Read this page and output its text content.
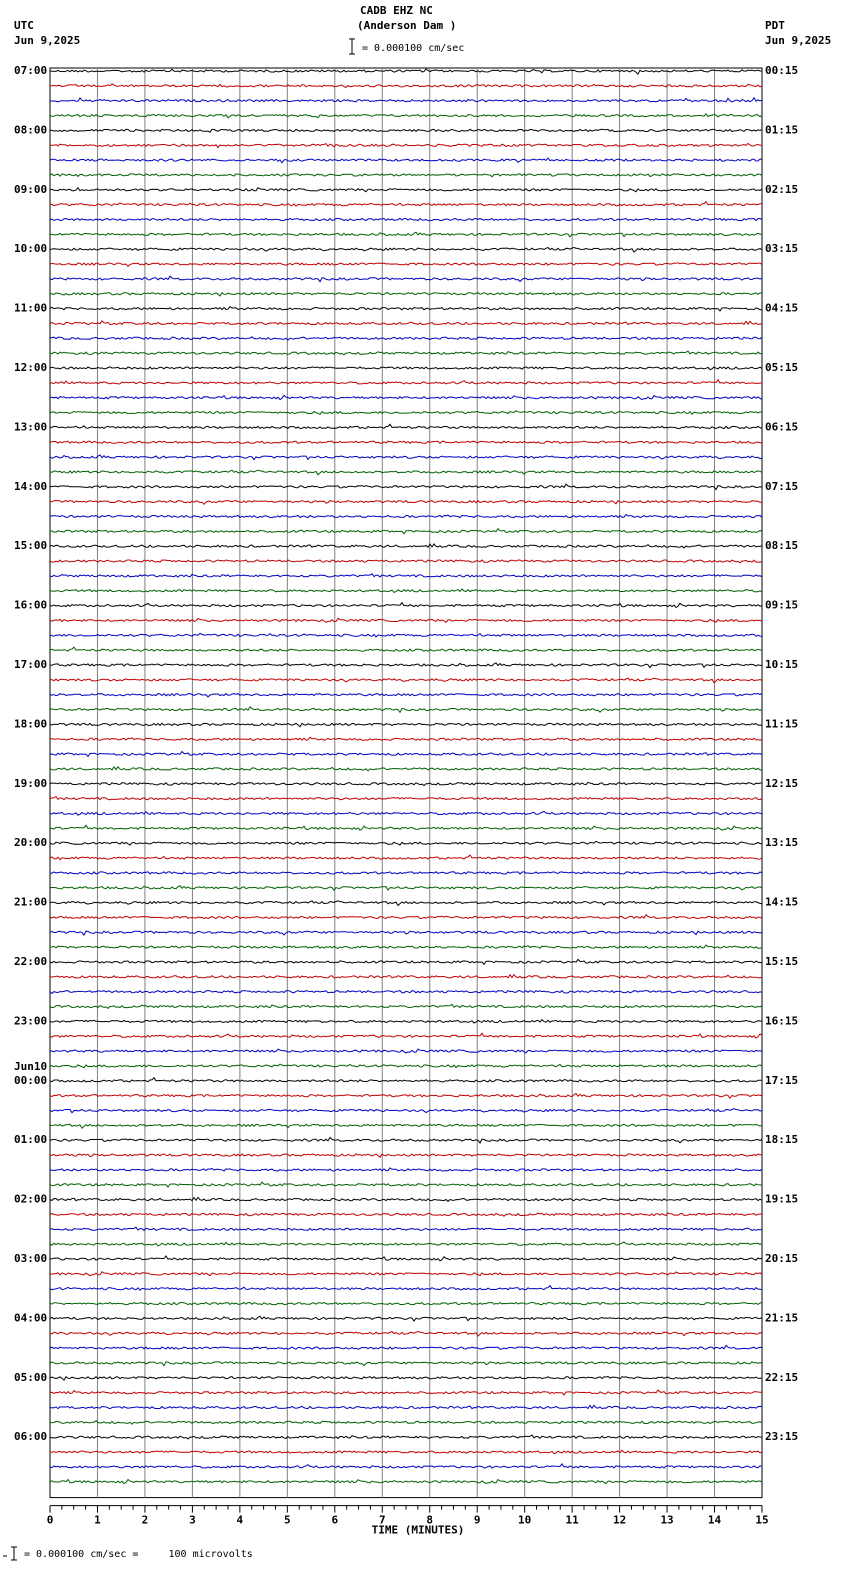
CADB EHZ NC
(Anderson Dam )
UTC
Jun 9,2025
PDT
Jun 9,2025
= 0.000100 cm/sec
= 0.000100 cm/sec =     100 microvolts
07:00
08:00
09:00
10:00
11:00
12:00
13:00
14:00
15:00
16:00
17:00
18:00
19:00
20:00
21:00
22:00
23:00
00:00
Jun10
01:00
02:00
03:00
04:00
05:00
06:00
00:15
01:15
02:15
03:15
04:15
05:15
06:15
07:15
08:15
09:15
10:15
11:15
12:15
13:15
14:15
15:15
16:15
17:15
18:15
19:15
20:15
21:15
22:15
23:15
0	1	2	3	4	5	6	7	8	9	10	11	12	13	14	15
TIME (MINUTES)
